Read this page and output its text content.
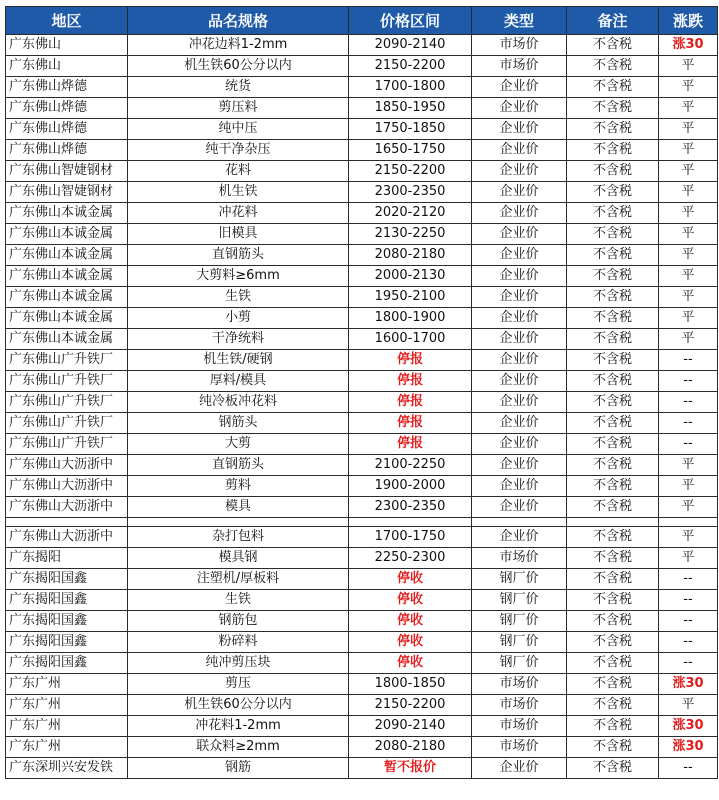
地区	品名规格	价格区间	类型	备注	涨跌
广东佛山	冲花边料1-2mm	2090-2140	市场价	不含税	涨30
广东佛山	机生铁60公分以内	2150-2200	市场价	不含税	平
广东佛山烨德	统货	1700-1800	企业价	不含税	平
广东佛山烨德	剪压料	1850-1950	企业价	不含税	平
广东佛山烨德	纯中压	1750-1850	企业价	不含税	平
广东佛山烨德	纯干净杂压	1650-1750	企业价	不含税	平
广东佛山智婕钢材	花料	2150-2200	企业价	不含税	平
广东佛山智婕钢材	机生铁	2300-2350	企业价	不含税	平
广东佛山本诚金属	冲花料	2020-2120	企业价	不含税	平
广东佛山本诚金属	旧模具	2130-2250	企业价	不含税	平
广东佛山本诚金属	直钢筋头	2080-2180	企业价	不含税	平
广东佛山本诚金属	大剪料≥6mm	2000-2130	企业价	不含税	平
广东佛山本诚金属	生铁	1950-2100	企业价	不含税	平
广东佛山本诚金属	小剪	1800-1900	企业价	不含税	平
广东佛山本诚金属	干净统料	1600-1700	企业价	不含税	平
广东佛山广升铁厂	机生铁/硬钢	停报	企业价	不含税	--
广东佛山广升铁厂	厚料/模具	停报	企业价	不含税	--
广东佛山广升铁厂	纯冷板冲花料	停报	企业价	不含税	--
广东佛山广升铁厂	钢筋头	停报	企业价	不含税	--
广东佛山广升铁厂	大剪	停报	企业价	不含税	--
广东佛山大沥浙中	直钢筋头	2100-2250	企业价	不含税	平
广东佛山大沥浙中	剪料	1900-2000	企业价	不含税	平
广东佛山大沥浙中	模具	2300-2350	企业价	不含税	平

广东佛山大沥浙中	杂打包料	1700-1750	企业价	不含税	平
广东揭阳	模具钢	2250-2300	市场价	不含税	平
广东揭阳国鑫	注塑机/厚板料	停收	钢厂价	不含税	--
广东揭阳国鑫	生铁	停收	钢厂价	不含税	--
广东揭阳国鑫	钢筋包	停收	钢厂价	不含税	--
广东揭阳国鑫	粉碎料	停收	钢厂价	不含税	--
广东揭阳国鑫	纯冲剪压块	停收	钢厂价	不含税	--
广东广州	剪压	1800-1850	市场价	不含税	涨30
广东广州	机生铁60公分以内	2150-2200	市场价	不含税	平
广东广州	冲花料1-2mm	2090-2140	市场价	不含税	涨30
广东广州	联众料≥2mm	2080-2180	市场价	不含税	涨30
广东深圳兴安发铁	钢筋	暂不报价	企业价	不含税	--
